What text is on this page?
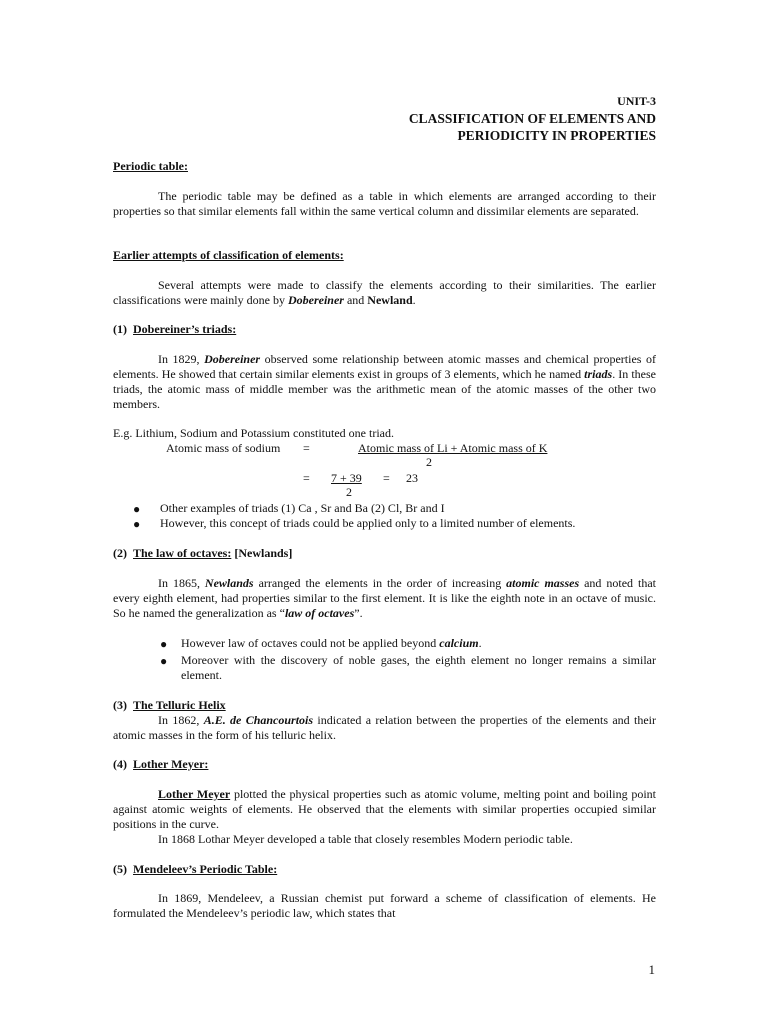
UNIT-3

CLASSIFICATION OF ELEMENTS AND

PERIODICITY IN PROPERTIES

Periodic table:

The periodic table may be defined as a table in which elements are arranged according to their properties so that similar elements fall within the same vertical column and dissimilar elements are separated.

Earlier attempts of classification of elements:

Several attempts were made to classify the elements according to their similarities. The earlier classifications were mainly done by Dobereiner and Newland.

(1) Dobereiner’s triads:

In 1829, Dobereiner observed some relationship between atomic masses and chemical properties of elements. He showed that certain similar elements exist in groups of 3 elements, which he named triads. In these triads, the atomic mass of middle member was the arithmetic mean of the atomic masses of the other two members.

E.g. Lithium, Sodium and Potassium constituted one triad.

Atomic mass of sodium =	Atomic mass of Li + Atomic mass of K

2

= 7 + 39

2

= 23

● Other examples of triads (1) Ca , Sr and Ba (2) Cl, Br and I

● However, this concept of triads could be applied only to a limited number of elements.

(2) The law of octaves: [Newlands]

In 1865, Newlands arranged the elements in the order of increasing atomic masses and noted that every eighth element, had properties similar to the first element. It is like the eighth note in an octave of music. So he named the generalization as “law of octaves”.

● However law of octaves could not be applied beyond calcium.

● Moreover with the discovery of noble gases, the eighth element no longer remains a similar element.

(3) The Telluric Helix

In 1862, A.E. de Chancourtois indicated a relation between the properties of the elements and their atomic masses in the form of his telluric helix.

(4) Lother Meyer:

Lother Meyer plotted the physical properties such as atomic volume, melting point and boiling point against atomic weights of elements. He observed that the elements with similar properties occupied similar positions in the curve.

In 1868 Lothar Meyer developed a table that closely resembles Modern periodic table.

(5) Mendeleev’s Periodic Table:

In 1869, Mendeleev, a Russian chemist put forward a scheme of classification of elements. He formulated the Mendeleev’s periodic law, which states that

1
